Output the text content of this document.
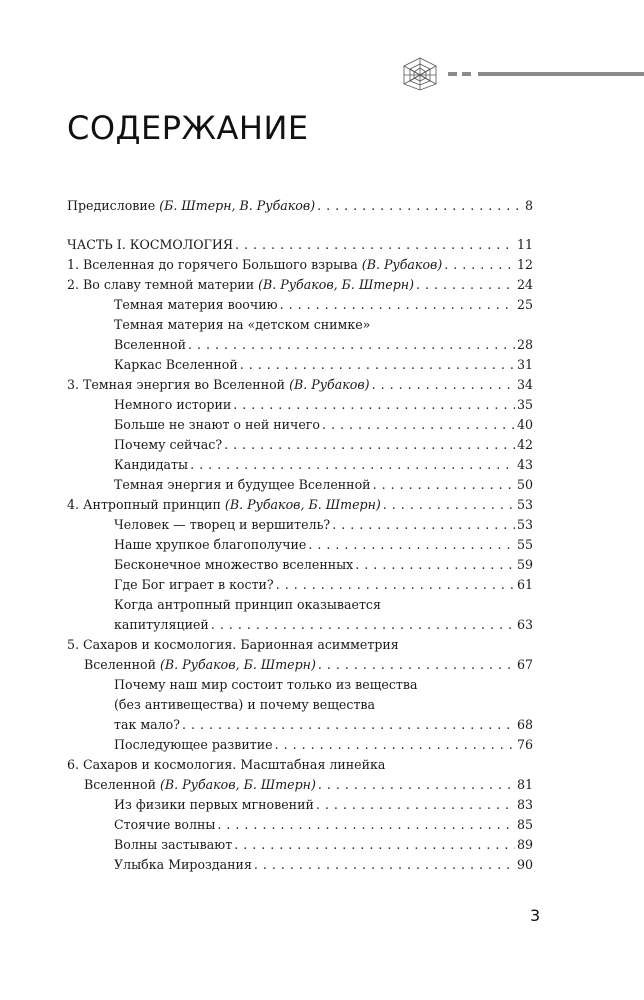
СОДЕРЖАНИЕ
Предисловие (Б. Штерн, В. Рубаков) . . .	8
ЧАСТЬ I. КОСМОЛОГИЯ . . .	11
1. Вселенная до горячего Большого взрыва (В. Рубаков) . . .	12
2. Во славу темной материи (В. Рубаков, Б. Штерн) . . .	24
Темная материя воочию . . .	25
Темная материя на «детском снимке»
Вселенной . . .	28
Каркас Вселенной . . .	31
3. Темная энергия во Вселенной (В. Рубаков) . . .	34
Немного истории . . .	35
Больше не знают о ней ничего . . .	40
Почему сейчас? . . .	42
Кандидаты . . .	43
Темная энергия и будущее Вселенной . . .	50
4. Антропный принцип (В. Рубаков, Б. Штерн) . . .	53
Человек — творец и вершитель? . . .	53
Наше хрупкое благополучие . . .	55
Бесконечное множество вселенных . . .	59
Где Бог играет в кости? . . .	61
Когда антропный принцип оказывается
капитуляцией . . .	63
5. Сахаров и космология. Барионная асимметрия
Вселенной (В. Рубаков, Б. Штерн) . . .	67
Почему наш мир состоит только из вещества
(без антивещества) и почему вещества
так мало? . . .	68
Последующее развитие . . .	76
6. Сахаров и космология. Масштабная линейка
Вселенной (В. Рубаков, Б. Штерн) . . .	81
Из физики первых мгновений . . .	83
Стоячие волны . . .	85
Волны застывают . . .	89
Улыбка Мироздания . . .	90
3
